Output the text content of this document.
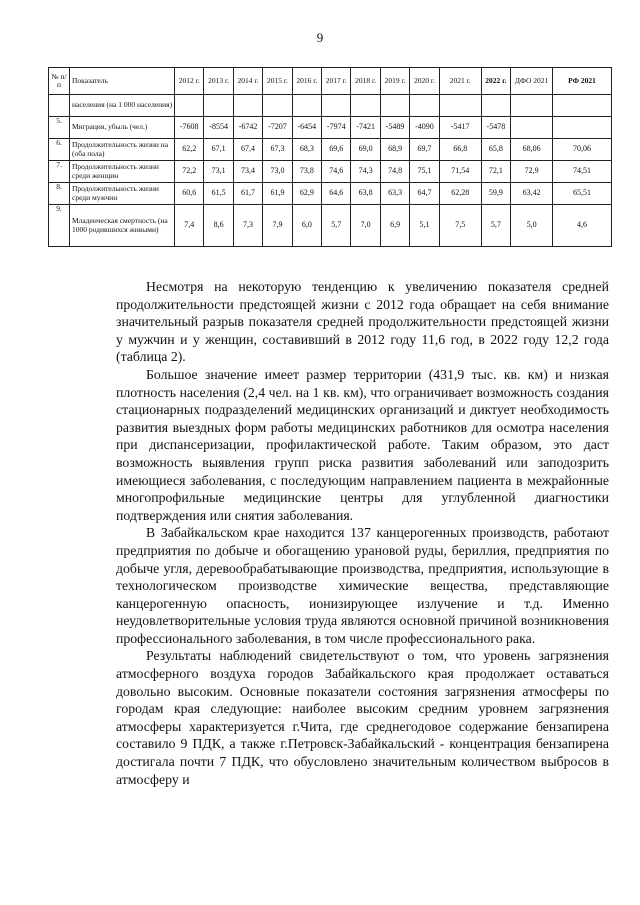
9
№ п/п	Показатель	2012 г.	2013 г.	2014 г.	2015 г.	2016 г.	2017 г.	2018 г.	2019 г.	2020 г.	2021 г.	2022 г.	ДФО 2021	РФ 2021
	населения (на 1 000 населения)													
5.	Миграция, убыль (чел.)	-7608	-8554	-6742	-7207	-6454	-7974	-7421	-5489	-4090	-5417	-5478		
6.	Продолжительность жизни на (оба пола)	62,2	67,1	67,4	67,3	68,3	69,6	69,0	68,9	69,7	66,8	65,8	68,06	70,06
7.	Продолжительность жизни среди женщин	72,2	73,1	73,4	73,0	73,8	74,6	74,3	74,8	75,1	71,54	72,1	72,9	74,51
8.	Продолжительность жизни среди мужчин	60,6	61,5	61,7	61,9	62,9	64,6	63,8	63,3	64,7	62,28	59,9	63,42	65,51
9.	Младенческая смертность (на 1000 родившихся живыми)	7,4	8,6	7,3	7,9	6,0	5,7	7,0	6,9	5,1	7,5	5,7	5,0	4,6

Несмотря на некоторую тенденцию к увеличению показателя средней продолжительности предстоящей жизни с 2012 года обращает на себя внимание значительный разрыв показателя средней продолжительности предстоящей жизни у мужчин и у женщин, составивший в 2012 году 11,6 год, в 2022 году 12,2 года (таблица 2).

Большое значение имеет размер территории (431,9 тыс. кв. км) и низкая плотность населения (2,4 чел. на 1 кв. км), что ограничивает возможность создания стационарных подразделений медицинских организаций и диктует необходимость развития выездных форм работы медицинских работников для осмотра населения при диспансеризации, профилактической работе. Таким образом, это даст возможность выявления групп риска развития заболеваний или заподозрить имеющиеся заболевания, с последующим направлением пациента в межрайонные многопрофильные медицинские центры для углубленной диагностики подтверждения или снятия заболевания.

В Забайкальском крае находится 137 канцерогенных производств, работают предприятия по добыче и обогащению урановой руды, бериллия, предприятия по добыче угля, деревообрабатывающие производства, предприятия, использующие в технологическом производстве химические вещества, представляющие канцерогенную опасность, ионизирующее излучение и т.д. Именно неудовлетворительные условия труда являются основной причиной возникновения профессионального заболевания, в том числе профессионального рака.

Результаты наблюдений свидетельствуют о том, что уровень загрязнения атмосферного воздуха городов Забайкальского края продолжает оставаться довольно высоким. Основные показатели состояния загрязнения атмосферы по городам края следующие: наиболее высоким средним уровнем загрязнения атмосферы характеризуется г.Чита, где среднегодовое содержание бензапирена составило 9 ПДК, а также г.Петровск-Забайкальский - концентрация бензапирена достигала почти 7 ПДК, что обусловлено значительным количеством выбросов в атмосферу и
